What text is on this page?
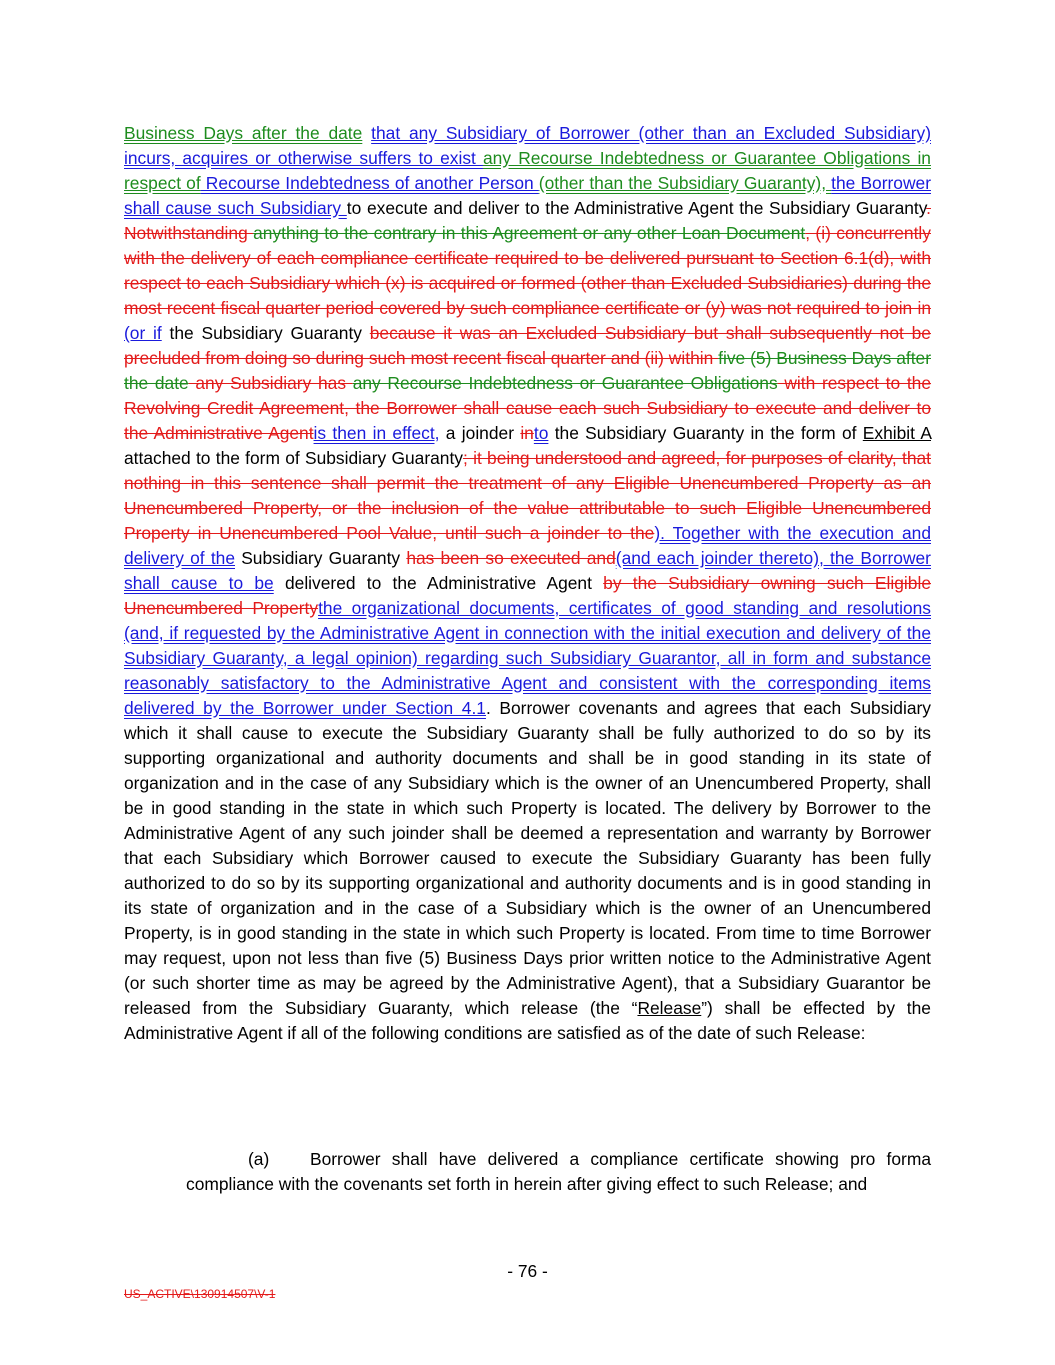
Business Days after the date that any Subsidiary of Borrower (other than an Excluded Subsidiary) incurs, acquires or otherwise suffers to exist any Recourse Indebtedness or Guarantee Obligations in respect of Recourse Indebtedness of another Person (other than the Subsidiary Guaranty), the Borrower shall cause such Subsidiary to execute and deliver to the Administrative Agent the Subsidiary Guaranty. Notwithstanding anything to the contrary in this Agreement or any other Loan Document, (i) concurrently with the delivery of each compliance certificate required to be delivered pursuant to Section 6.1(d), with respect to each Subsidiary which (x) is acquired or formed (other than Excluded Subsidiaries) during the most recent fiscal quarter period covered by such compliance certificate or (y) was not required to join in (or if the Subsidiary Guaranty because it was an Excluded Subsidiary but shall subsequently not be precluded from doing so during such most recent fiscal quarter and (ii) within five (5) Business Days after the date any Subsidiary has any Recourse Indebtedness or Guarantee Obligations with respect to the Revolving Credit Agreement, the Borrower shall cause each such Subsidiary to execute and deliver to the Administrative Agentis then in effect, a joinder into the Subsidiary Guaranty in the form of Exhibit A attached to the form of Subsidiary Guaranty; it being understood and agreed, for purposes of clarity, that nothing in this sentence shall permit the treatment of any Eligible Unencumbered Property as an Unencumbered Property, or the inclusion of the value attributable to such Eligible Unencumbered Property in Unencumbered Pool Value, until such a joinder to the). Together with the execution and delivery of the Subsidiary Guaranty has been so executed and(and each joinder thereto), the Borrower shall cause to be delivered to the Administrative Agent by the Subsidiary owning such Eligible Unencumbered Propertythe organizational documents, certificates of good standing and resolutions (and, if requested by the Administrative Agent in connection with the initial execution and delivery of the Subsidiary Guaranty, a legal opinion) regarding such Subsidiary Guarantor, all in form and substance reasonably satisfactory to the Administrative Agent and consistent with the corresponding items delivered by the Borrower under Section 4.1. Borrower covenants and agrees that each Subsidiary which it shall cause to execute the Subsidiary Guaranty shall be fully authorized to do so by its supporting organizational and authority documents and shall be in good standing in its state of organization and in the case of any Subsidiary which is the owner of an Unencumbered Property, shall be in good standing in the state in which such Property is located. The delivery by Borrower to the Administrative Agent of any such joinder shall be deemed a representation and warranty by Borrower that each Subsidiary which Borrower caused to execute the Subsidiary Guaranty has been fully authorized to do so by its supporting organizational and authority documents and is in good standing in its state of organization and in the case of a Subsidiary which is the owner of an Unencumbered Property, is in good standing in the state in which such Property is located. From time to time Borrower may request, upon not less than five (5) Business Days prior written notice to the Administrative Agent (or such shorter time as may be agreed by the Administrative Agent), that a Subsidiary Guarantor be released from the Subsidiary Guaranty, which release (the “Release”) shall be effected by the Administrative Agent if all of the following conditions are satisfied as of the date of such Release:

(a) Borrower shall have delivered a compliance certificate showing pro forma compliance with the covenants set forth in herein after giving effect to such Release; and
- 76 -
US_ACTIVE\130914507\V-1
